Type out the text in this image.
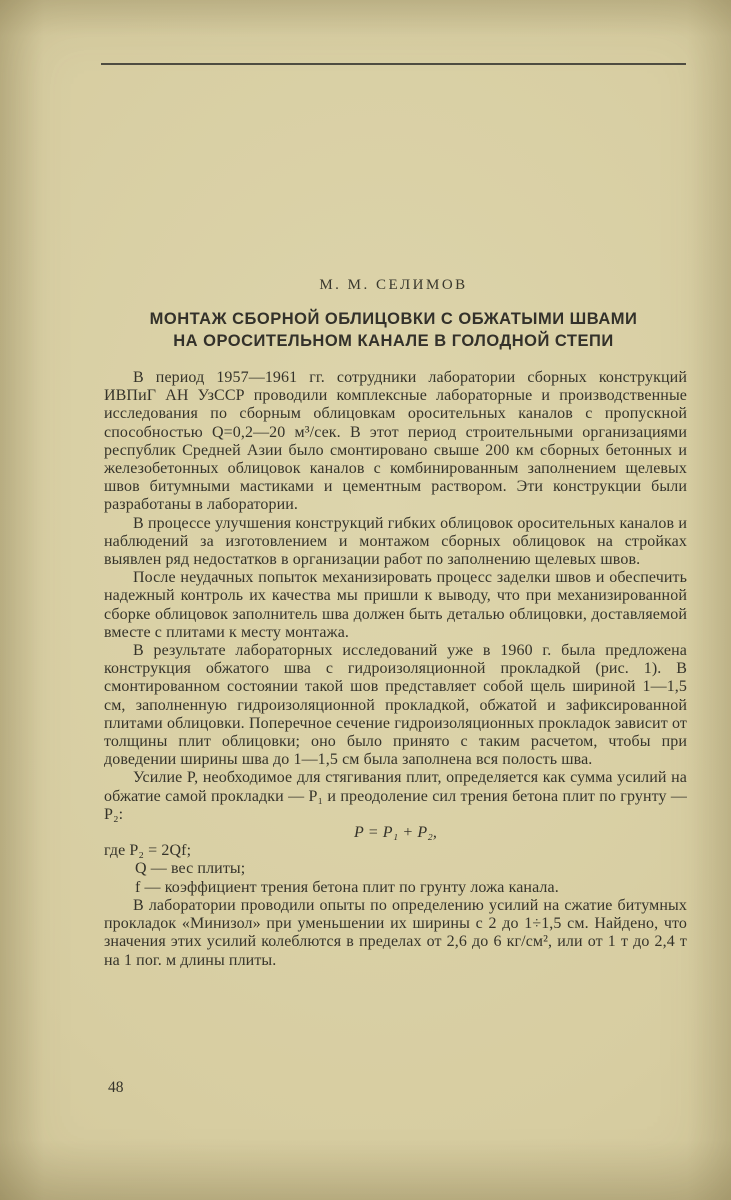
М. М. СЕЛИМОВ
МОНТАЖ СБОРНОЙ ОБЛИЦОВКИ С ОБЖАТЫМИ ШВАМИ
НА ОРОСИТЕЛЬНОМ КАНАЛЕ В ГОЛОДНОЙ СТЕПИ

В период 1957—1961 гг. сотрудники лаборатории сборных конструкций ИВПиГ АН УзССР проводили комплексные лабораторные и производственные исследования по сборным облицовкам оросительных каналов с пропускной способностью Q=0,2—20 м³/сек. В этот период строительными организациями республик Средней Азии было смонтировано свыше 200 км сборных бетонных и железобетонных облицовок каналов с комбинированным заполнением щелевых швов битумными мастиками и цементным раствором. Эти конструкции были разработаны в лаборатории.

В процессе улучшения конструкций гибких облицовок оросительных каналов и наблюдений за изготовлением и монтажом сборных облицовок на стройках выявлен ряд недостатков в организации работ по заполнению щелевых швов.

После неудачных попыток механизировать процесс заделки швов и обеспечить надежный контроль их качества мы пришли к выводу, что при механизированной сборке облицовок заполнитель шва должен быть деталью облицовки, доставляемой вместе с плитами к месту монтажа.

В результате лабораторных исследований уже в 1960 г. была предложена конструкция обжатого шва с гидроизоляционной прокладкой (рис. 1). В смонтированном состоянии такой шов представляет собой щель шириной 1—1,5 см, заполненную гидроизоляционной прокладкой, обжатой и зафиксированной плитами облицовки. Поперечное сечение гидроизоляционных прокладок зависит от толщины плит облицовки; оно было принято с таким расчетом, чтобы при доведении ширины шва до 1—1,5 см была заполнена вся полость шва.

Усилие P, необходимое для стягивания плит, определяется как сумма усилий на обжатие самой прокладки — P₁ и преодоление сил трения бетона плит по грунту — P₂:

P = P₁ + P₂,

где P₂ = 2Qf;

Q — вес плиты;

f — коэффициент трения бетона плит по грунту ложа канала.

В лаборатории проводили опыты по определению усилий на сжатие битумных прокладок «Минизол» при уменьшении их ширины с 2 до 1÷1,5 см. Найдено, что значения этих усилий колеблются в пределах от 2,6 до 6 кг/см², или от 1 т до 2,4 т на 1 пог. м длины плиты.

48
